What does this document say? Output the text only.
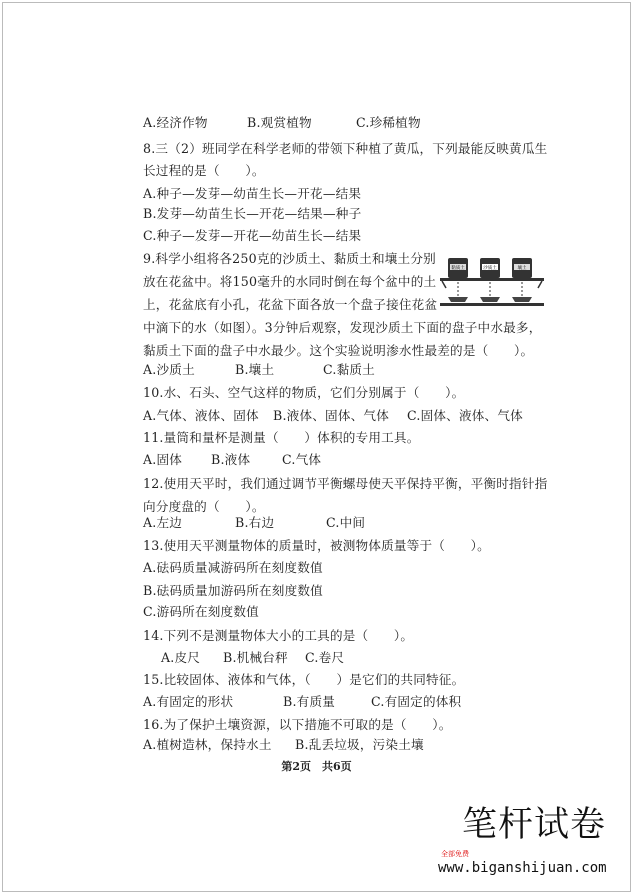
A.经济作物	B.观赏植物	C.珍稀植物
8.三（2）班同学在科学老师的带领下种植了黄瓜，下列最能反映黄瓜生
长过程的是（　　）。
A.种子—发芽—幼苗生长—开花—结果
B.发芽—幼苗生长—开花—结果—种子
C.种子—发芽—开花—幼苗生长—结果
9.科学小组将各250克的沙质土、黏质土和壤土分别
放在花盆中。将150毫升的水同时倒在每个盆中的土
上，花盆底有小孔，花盆下面各放一个盘子接住花盆
中滴下的水（如图）。3分钟后观察，发现沙质土下面的盘子中水最多，
黏质土下面的盘子中水最少。这个实验说明渗水性最差的是（　　）。
黏质土	沙质土	壤土
A.沙质土	B.壤土	C.黏质土
10.水、石头、空气这样的物质，它们分别属于（　　）。
A.气体、液体、固体 B.液体、固体、气体 C.固体、液体、气体
11.量筒和量杯是测量（　　）体积的专用工具。
A.固体 B.液体	C.气体
12.使用天平时，我们通过调节平衡螺母使天平保持平衡，平衡时指针指
向分度盘的（　　）。
A.左边	B.右边	C.中间
13.使用天平测量物体的质量时，被测物体质量等于（　　）。
A.砝码质量减游码所在刻度数值
B.砝码质量加游码所在刻度数值
C.游码所在刻度数值
14.下列不是测量物体大小的工具的是（　　）。
A.皮尺 B.机械台秤 C.卷尺
15.比较固体、液体和气体，（　　）是它们的共同特征。
A.有固定的形状	B.有质量	C.有固定的体积
16.为了保护土壤资源，以下措施不可取的是（　　）。
A.植树造林，保持水土 B.乱丢垃圾，污染土壤
第2页　共6页
笔杆试卷
全部免费
www.biganshijuan.com
